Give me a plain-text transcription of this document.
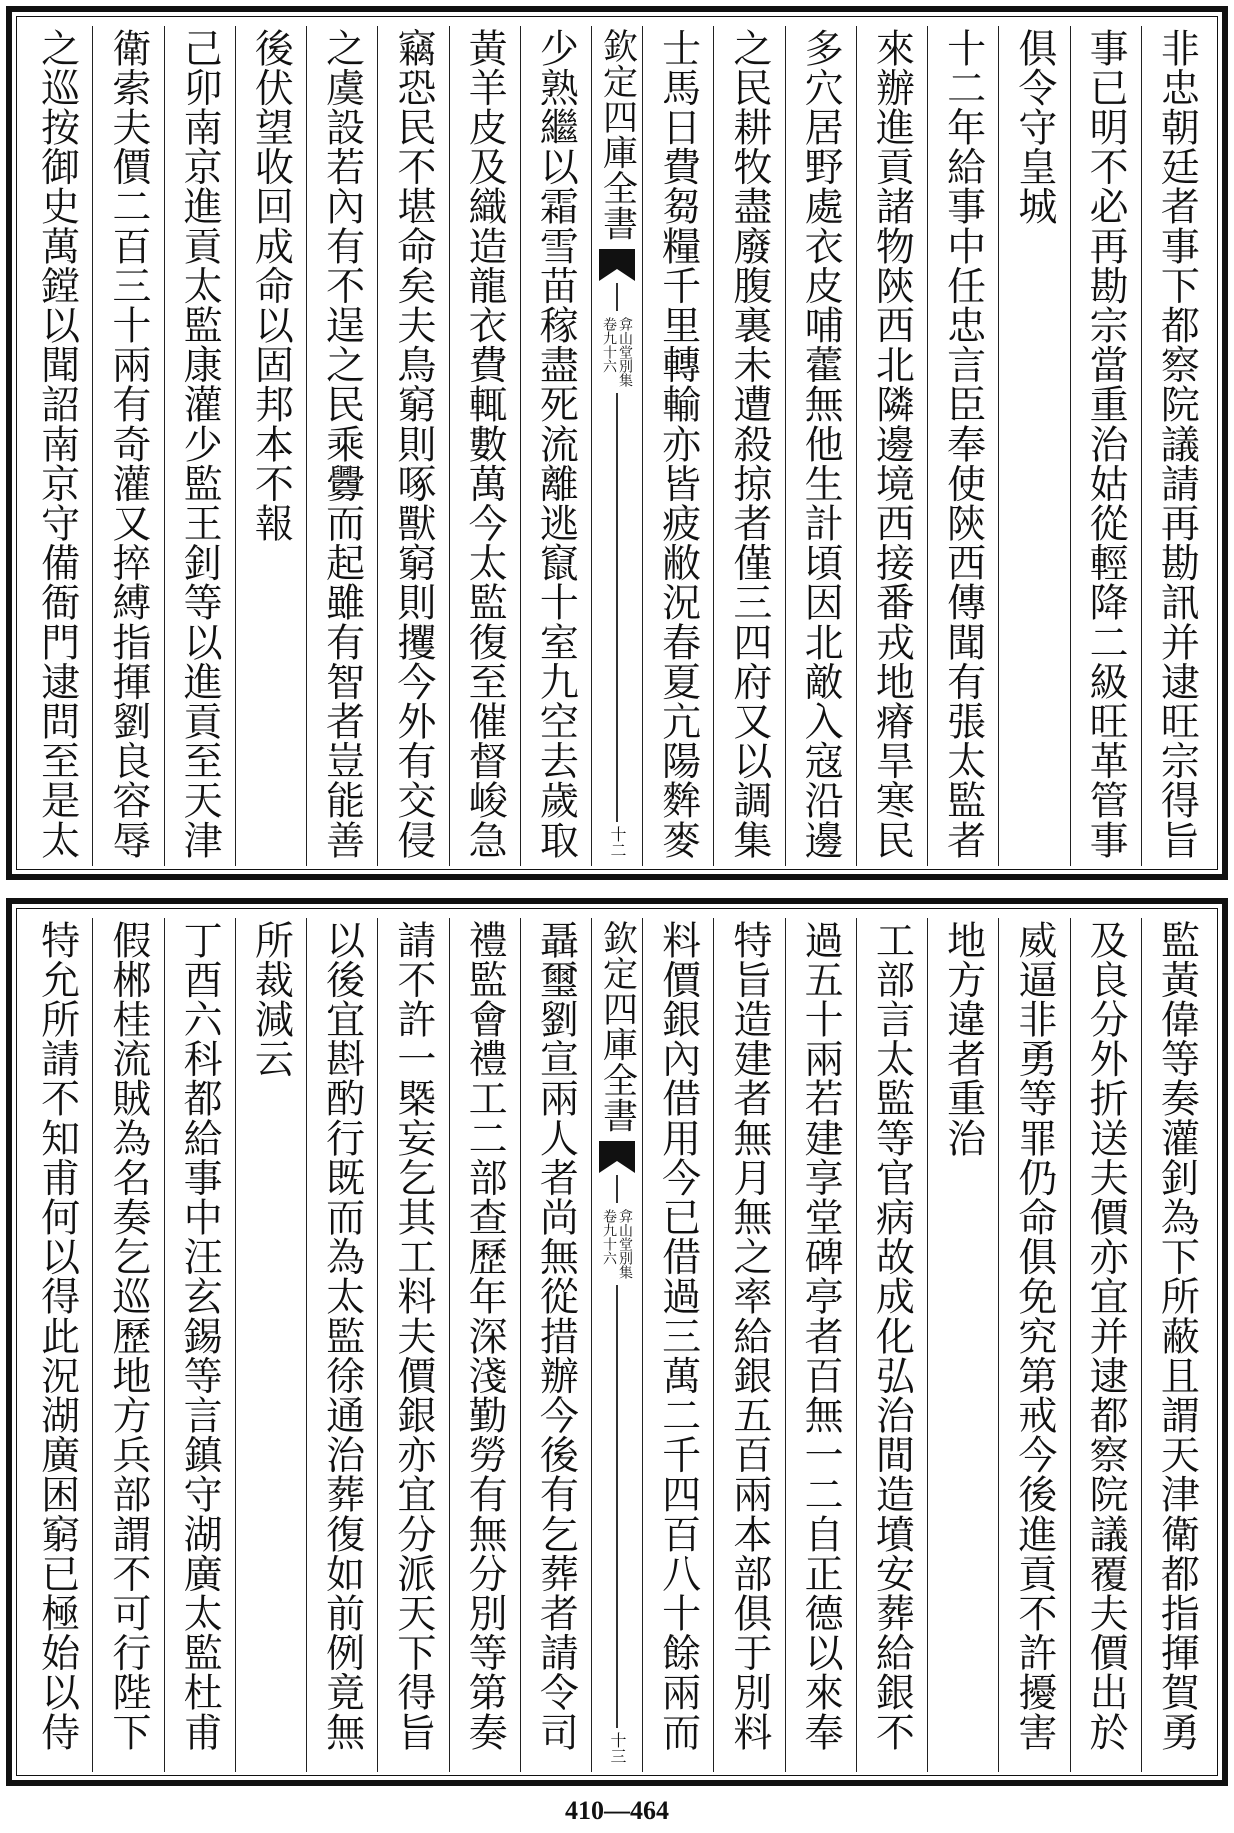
非忠朝廷者事下都察院議請再勘訊并逮旺宗得旨
事已明不必再勘宗當重治姑從輕降二級旺革管事
俱令守皇城
十二年給事中任忠言臣奉使陝西傳聞有張太監者
來辦進貢諸物陝西北隣邊境西接番戎地瘠旱寒民
多穴居野處衣皮哺藿無他生計頃因北敵入寇沿邊
之民耕牧盡廢腹裏未遭殺掠者僅三四府又以調集
士馬日費芻糧千里轉輸亦皆疲敝況春夏亢陽麰麥
欽定四庫全書
弇山堂別集
卷九十六
十二
少熟繼以霜雪苗稼盡死流離逃竄十室九空去歲取
黃羊皮及織造龍衣費輒數萬今太監復至催督峻急
竊恐民不堪命矣夫鳥窮則啄獸窮則攫今外有交侵
之虞設若內有不逞之民乘釁而起雖有智者豈能善
後伏望收回成命以固邦本不報
己卯南京進貢太監康灌少監王釗等以進貢至天津
衛索夫價二百三十兩有奇灌又捽縛指揮劉良容辱
之巡按御史萬鏜以聞詔南京守備衙門逮問至是太
監黃偉等奏灌釗為下所蔽且謂天津衛都指揮賀勇
及良分外折送夫價亦宜并逮都察院議覆夫價出於
威逼非勇等罪仍命俱免究第戒今後進貢不許擾害
地方違者重治
工部言太監等官病故成化弘治間造墳安葬給銀不
過五十兩若建享堂碑亭者百無一二自正德以來奉
特旨造建者無月無之率給銀五百兩本部俱于別料
料價銀內借用今已借過三萬二千四百八十餘兩而
欽定四庫全書
弇山堂別集
卷九十六
十三
聶璽劉宣兩人者尚無從措辦今後有乞葬者請令司
禮監會禮工二部查歷年深淺勤勞有無分別等第奏
請不許一槩妄乞其工料夫價銀亦宜分派天下得旨
以後宜斟酌行既而為太監徐通治葬復如前例竟無
所裁減云
丁酉六科都給事中汪玄錫等言鎮守湖廣太監杜甫
假郴桂流賊為名奏乞巡歷地方兵部謂不可行陛下
特允所請不知甫何以得此況湖廣困窮已極始以侍
410—464
